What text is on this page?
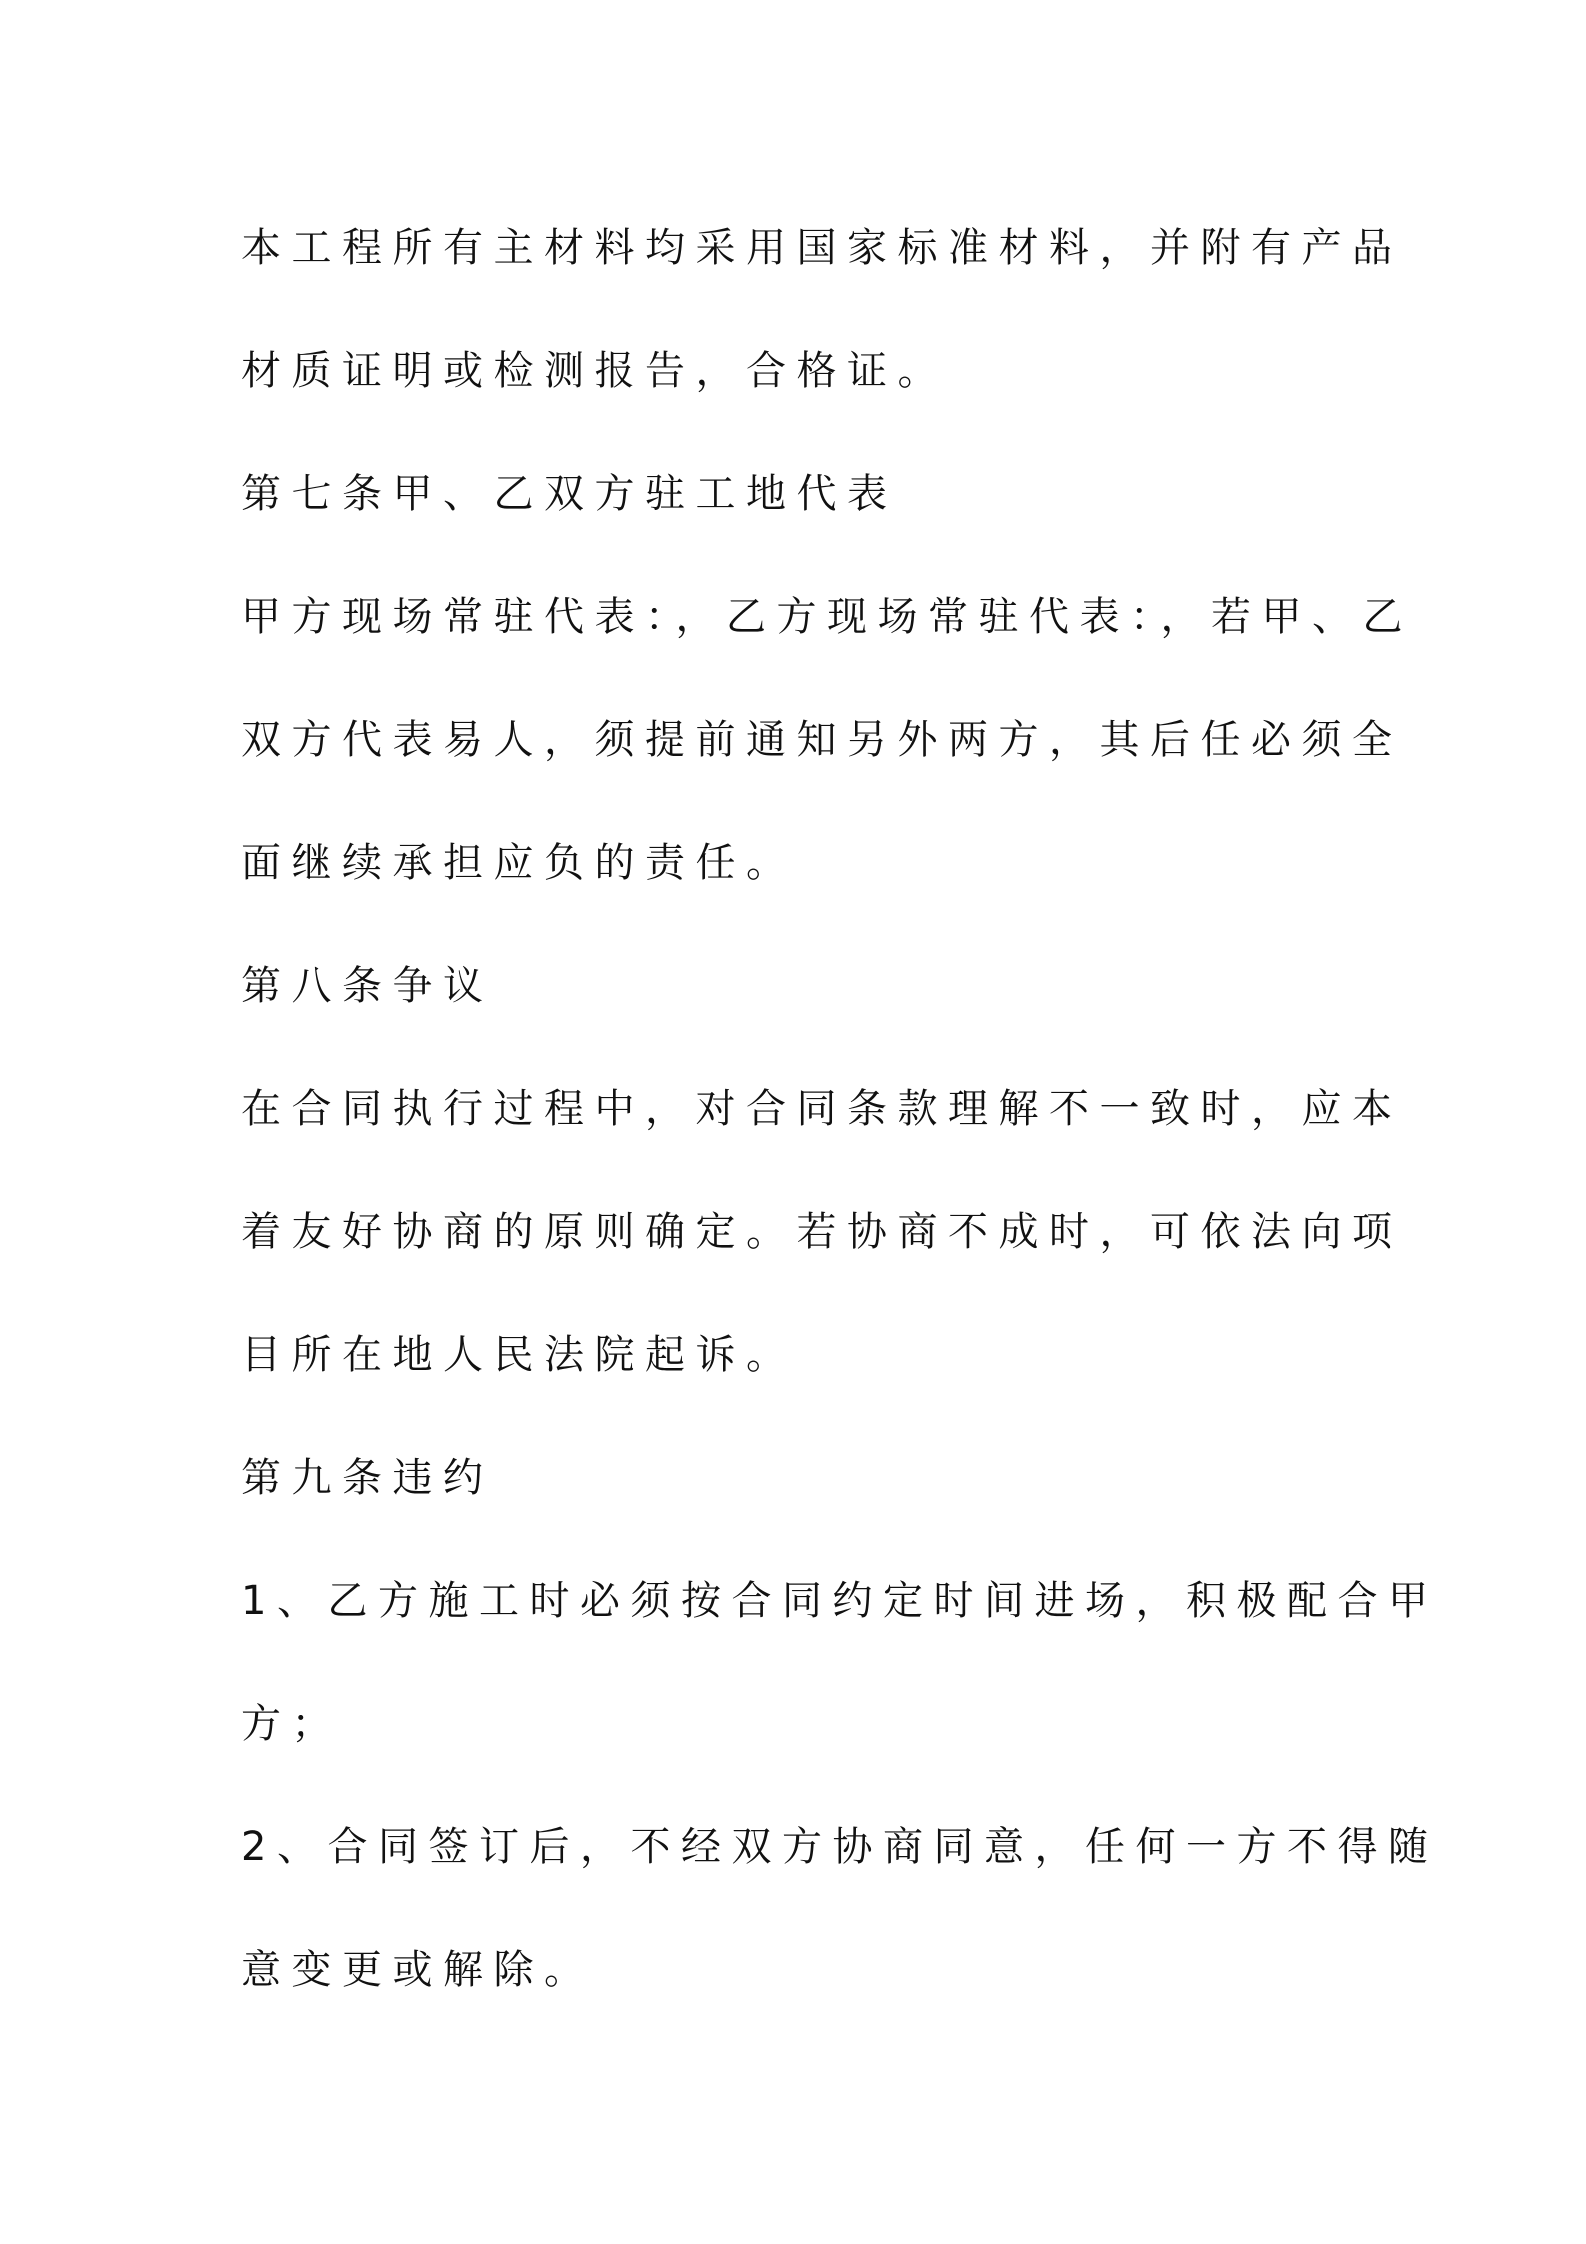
本工程所有主材料均采用国家标准材料，并附有产品
材质证明或检测报告，合格证。
第七条甲、乙双方驻工地代表
甲方现场常驻代表：，乙方现场常驻代表：，若甲、乙
双方代表易人，须提前通知另外两方，其后任必须全
面继续承担应负的责任。
第八条争议
在合同执行过程中，对合同条款理解不一致时，应本
着友好协商的原则确定。若协商不成时，可依法向项
目所在地人民法院起诉。
第九条违约
1、乙方施工时必须按合同约定时间进场，积极配合甲
方；
2、合同签订后，不经双方协商同意，任何一方不得随
意变更或解除。
